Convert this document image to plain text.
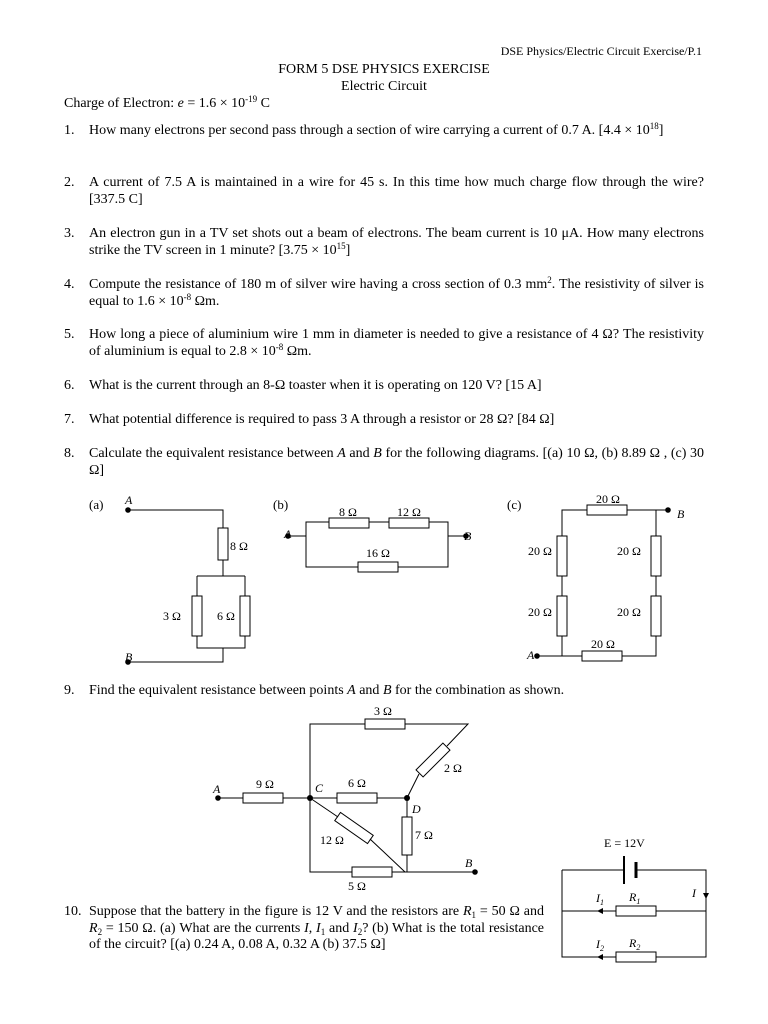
DSE Physics/Electric Circuit Exercise/P.1
FORM 5 DSE PHYSICS EXERCISE
Electric Circuit
Charge of Electron: $e = 1.6 \times 10^{-19}$ C
1.	How many electrons per second pass through a section of wire carrying a current of 0.7 A. $[4.4 \times 10^{18}]$
2.	A current of 7.5 A is maintained in a wire for 45 s. In this time how much charge flow through the wire? [337.5 C]
3.	An electron gun in a TV set shots out a beam of electrons. The beam current is 10 μA. How many electrons strike the TV screen in 1 minute? $[3.75 \times 10^{15}]$
4.	Compute the resistance of 180 m of silver wire having a cross section of 0.3 $mm^2$. The resistivity of silver is equal to $1.6 \times 10^{-8}$ Ωm.
5.	How long a piece of aluminium wire 1 mm in diameter is needed to give a resistance of 4 Ω? The resistivity of aluminium is equal to $2.8 \times 10^{-8}$ Ωm.
6.	What is the current through an 8-Ω toaster when it is operating on 120 V? [15 A]
7.	What potential difference is required to pass 3 A through a resistor or 28 Ω? [84 Ω]
8.	Calculate the equivalent resistance between A and B for the following diagrams. [(a) 10 Ω, (b) 8.89 Ω , (c) 30 Ω]
(a) A
B
8 Ω
3 Ω	6 Ω
(b)
A	B
8 Ω	12 Ω
16 Ω
(c)	20 Ω
B
20 Ω	20 Ω
20 Ω	20 Ω
20 Ω
A
9.	Find the equivalent resistance between points A and B for the combination as shown.
A	9 Ω	C
3 Ω
2 Ω
6 Ω
D
7 Ω
12 Ω
5 Ω
B
10. Suppose that the battery in the figure is 12 V and the resistors are $R_1 = 50$ Ω and $R_2 = 150$ Ω. (a) What are the currents I, $I_1$ and $I_2$? (b) What is the total resistance of the circuit? [(a) 0.24 A, 0.08 A, 0.32 A (b) 37.5 Ω]
E = 12V
I
$I_1$ $R_1$
$I_2$ $R_2$
